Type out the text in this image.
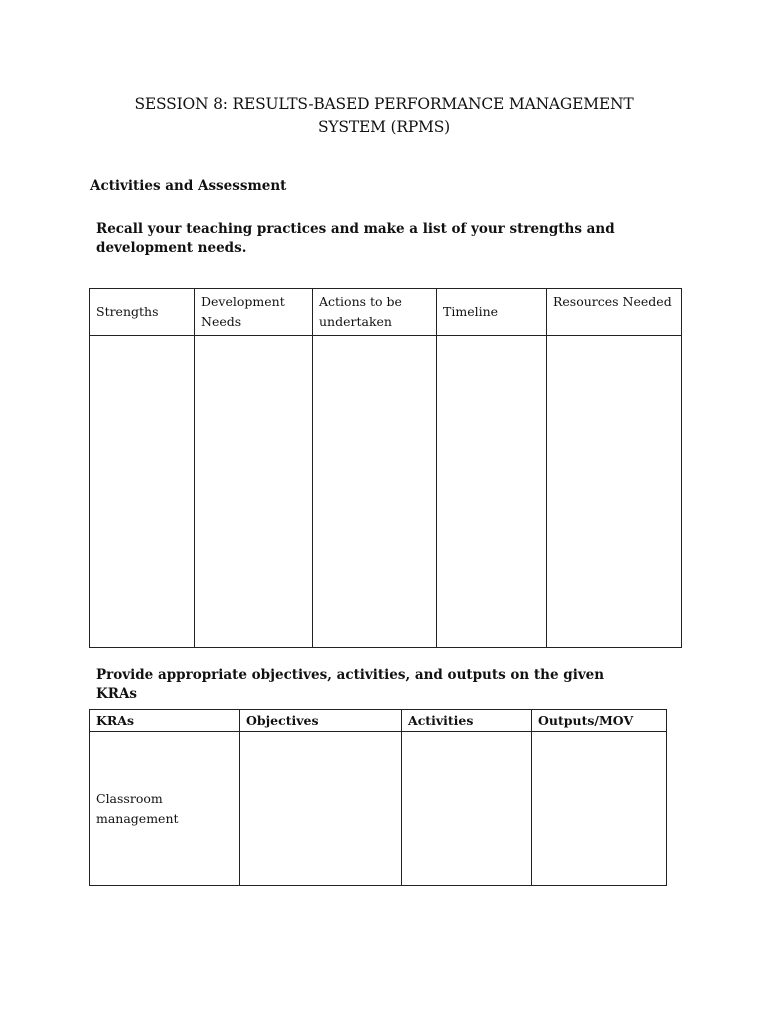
SESSION 8: RESULTS-BASED PERFORMANCE MANAGEMENT
SYSTEM (RPMS)
Activities and Assessment
Recall your teaching practices and make a list of your strengths and development needs.
Strengths	Development Needs	Actions to be undertaken	Timeline	Resources Needed

Provide appropriate objectives, activities, and outputs on the given KRAs
KRAs	Objectives	Activities	Outputs/MOV
Classroom management			
